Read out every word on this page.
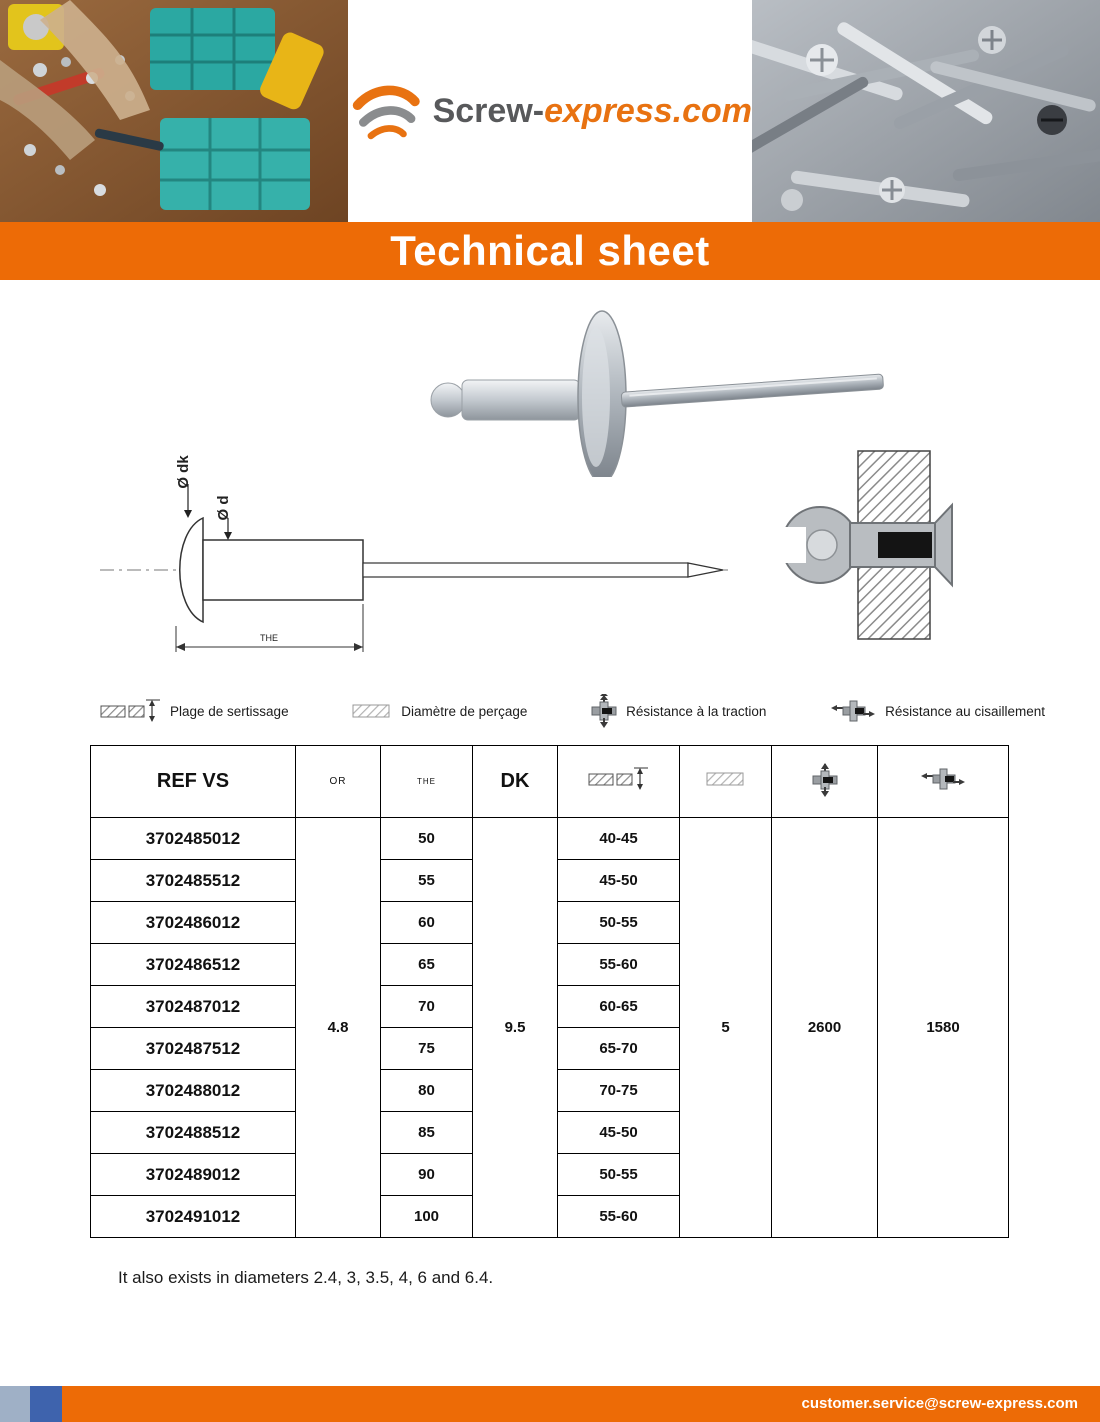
Screw-express.com
Technical sheet
Ø dk
Ø d
THE
Plage de sertissage	Diamètre de perçage	Résistance à la traction	Résistance au cisaillement
REF VS	OR	THE	DK				
3702485012	4.8	50	9.5	40-45	5	2600	1580
3702485512		55		45-50			
3702486012		60		50-55			
3702486512		65		55-60			
3702487012		70		60-65			
3702487512		75		65-70			
3702488012		80		70-75			
3702488512		85		45-50			
3702489012		90		50-55			
3702491012		100		55-60			

It also exists in diameters 2.4, 3, 3.5, 4, 6 and 6.4.

customer.service@screw-express.com
